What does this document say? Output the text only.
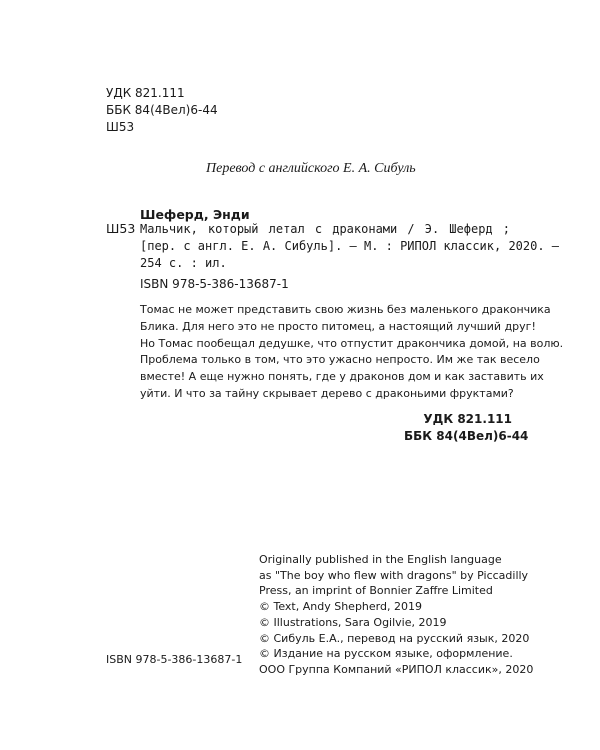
УДК 821.111
ББК 84(4Вел)6-44
Ш53
Перевод с английского Е. А. Сибуль
Шеферд, Энди
Ш53 Мальчик, который летал с драконами / Э. Шеферд ;
[пер. с англ. Е. А. Сибуль]. — М. : РИПОЛ классик, 2020. —
254 с. : ил.
ISBN 978-5-386-13687-1
Томас не может представить свою жизнь без маленького дракончика
Блика. Для него это не просто питомец, а настоящий лучший друг!
Но Томас пообещал дедушке, что отпустит дракончика домой, на волю.
Проблема только в том, что это ужасно непросто. Им же так весело
вместе! А еще нужно понять, где у драконов дом и как заставить их
уйти. И что за тайну скрывает дерево с драконьими фруктами?
УДК 821.111
ББК 84(4Вел)6-44
Originally published in the English language
as "The boy who flew with dragons" by Piccadilly
Press, an imprint of Bonnier Zaffre Limited
© Text, Andy Shepherd, 2019
© Illustrations, Sara Ogilvie, 2019
© Сибуль Е.А., перевод на русский язык, 2020
© Издание на русском языке, оформление.
ООО Группа Компаний «РИПОЛ классик», 2020
ISBN 978-5-386-13687-1
